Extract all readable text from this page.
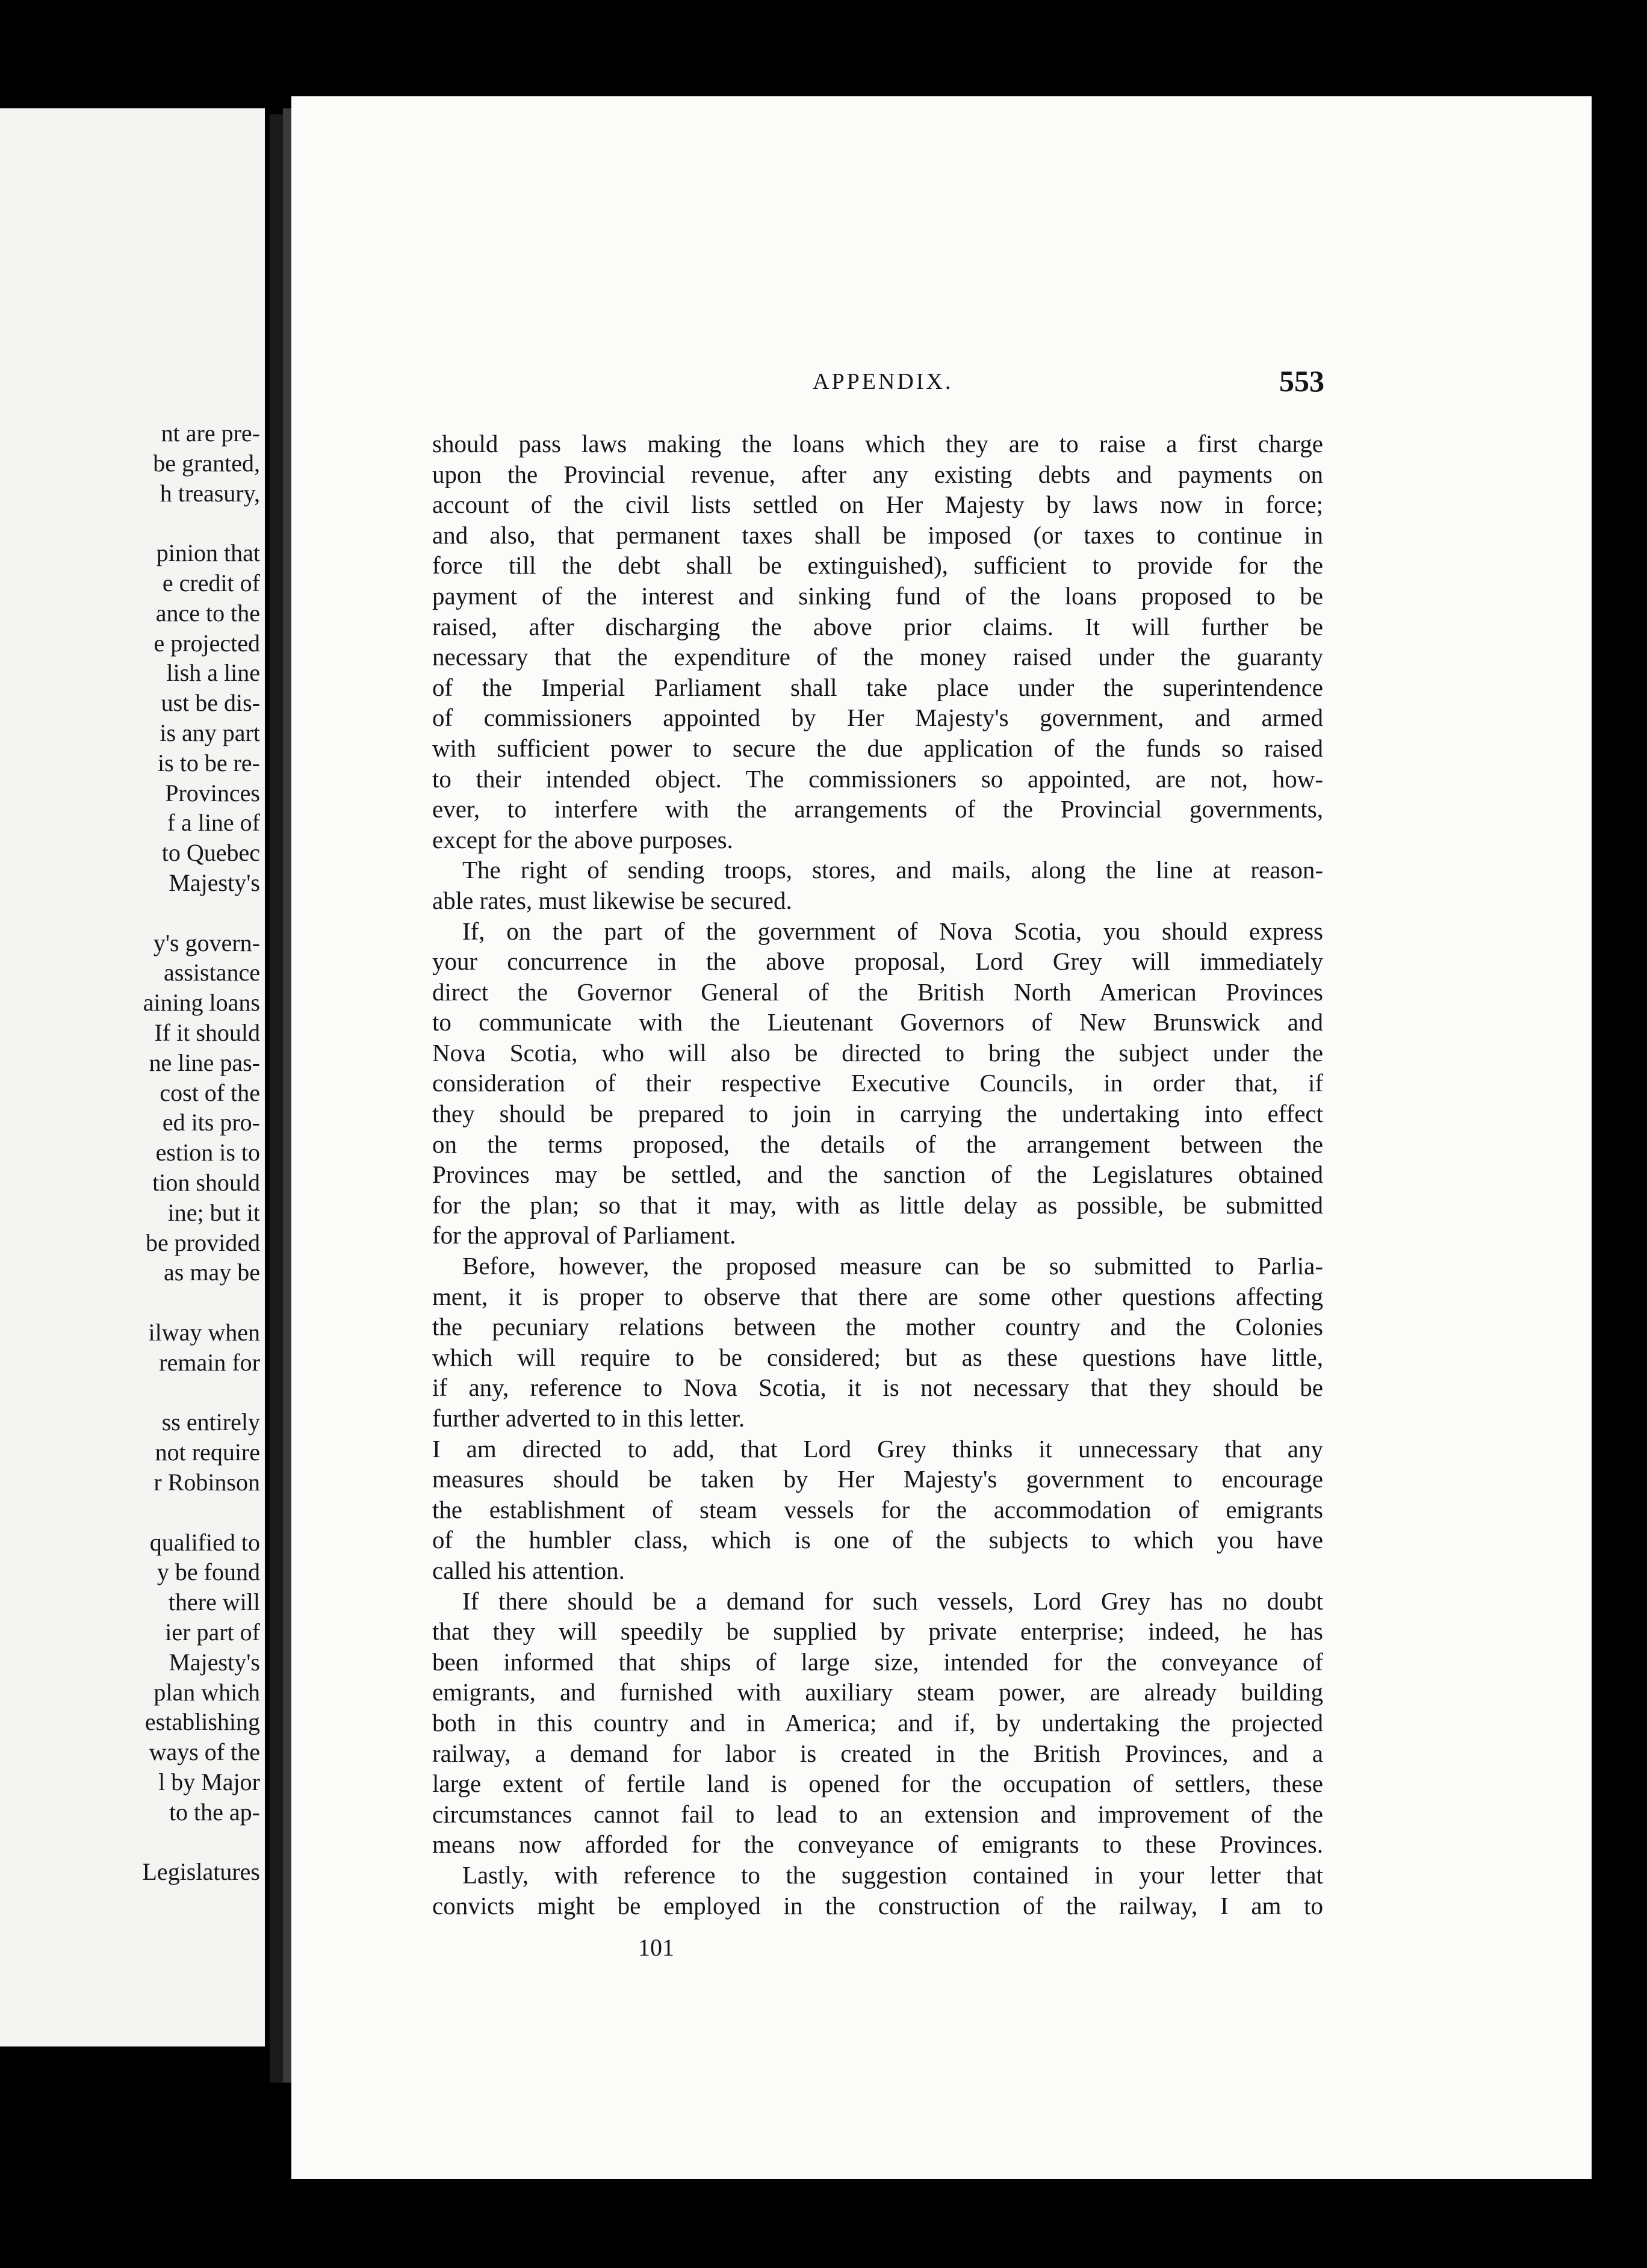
nt are pre-
be granted,
h treasury,
pinion that
e credit of
ance to the
e projected
lish a line
ust be dis-
is any part
is to be re-
Provinces
f a line of
to Quebec
Majesty's
y's govern-
assistance
aining loans
If it should
ne line pas-
cost of the
ed its pro-
estion is to
tion should
ine; but it
be provided
as may be
ilway when
remain for
ss entirely
not require
r Robinson
qualified to
y be found
there will
ier part of
Majesty's
plan which
establishing
ways of the
l by Major
to the ap-
Legislatures
APPENDIX.	553
should pass laws making the loans which they are to raise a first charge
upon the Provincial revenue, after any existing debts and payments on
account of the civil lists settled on Her Majesty by laws now in force;
and also, that permanent taxes shall be imposed (or taxes to continue in
force till the debt shall be extinguished), sufficient to provide for the
payment of the interest and sinking fund of the loans proposed to be
raised, after discharging the above prior claims. It will further be
necessary that the expenditure of the money raised under the guaranty
of the Imperial Parliament shall take place under the superintendence
of commissioners appointed by Her Majesty's government, and armed
with sufficient power to secure the due application of the funds so raised
to their intended object. The commissioners so appointed, are not, how-
ever, to interfere with the arrangements of the Provincial governments,
except for the above purposes.
The right of sending troops, stores, and mails, along the line at reason-
able rates, must likewise be secured.
If, on the part of the government of Nova Scotia, you should express
your concurrence in the above proposal, Lord Grey will immediately
direct the Governor General of the British North American Provinces
to communicate with the Lieutenant Governors of New Brunswick and
Nova Scotia, who will also be directed to bring the subject under the
consideration of their respective Executive Councils, in order that, if
they should be prepared to join in carrying the undertaking into effect
on the terms proposed, the details of the arrangement between the
Provinces may be settled, and the sanction of the Legislatures obtained
for the plan; so that it may, with as little delay as possible, be submitted
for the approval of Parliament.
Before, however, the proposed measure can be so submitted to Parlia-
ment, it is proper to observe that there are some other questions affecting
the pecuniary relations between the mother country and the Colonies
which will require to be considered; but as these questions have little,
if any, reference to Nova Scotia, it is not necessary that they should be
further adverted to in this letter.
I am directed to add, that Lord Grey thinks it unnecessary that any
measures should be taken by Her Majesty's government to encourage
the establishment of steam vessels for the accommodation of emigrants
of the humbler class, which is one of the subjects to which you have
called his attention.
If there should be a demand for such vessels, Lord Grey has no doubt
that they will speedily be supplied by private enterprise; indeed, he has
been informed that ships of large size, intended for the conveyance of
emigrants, and furnished with auxiliary steam power, are already building
both in this country and in America; and if, by undertaking the projected
railway, a demand for labor is created in the British Provinces, and a
large extent of fertile land is opened for the occupation of settlers, these
circumstances cannot fail to lead to an extension and improvement of the
means now afforded for the conveyance of emigrants to these Provinces.
Lastly, with reference to the suggestion contained in your letter that
convicts might be employed in the construction of the railway, I am to
101
